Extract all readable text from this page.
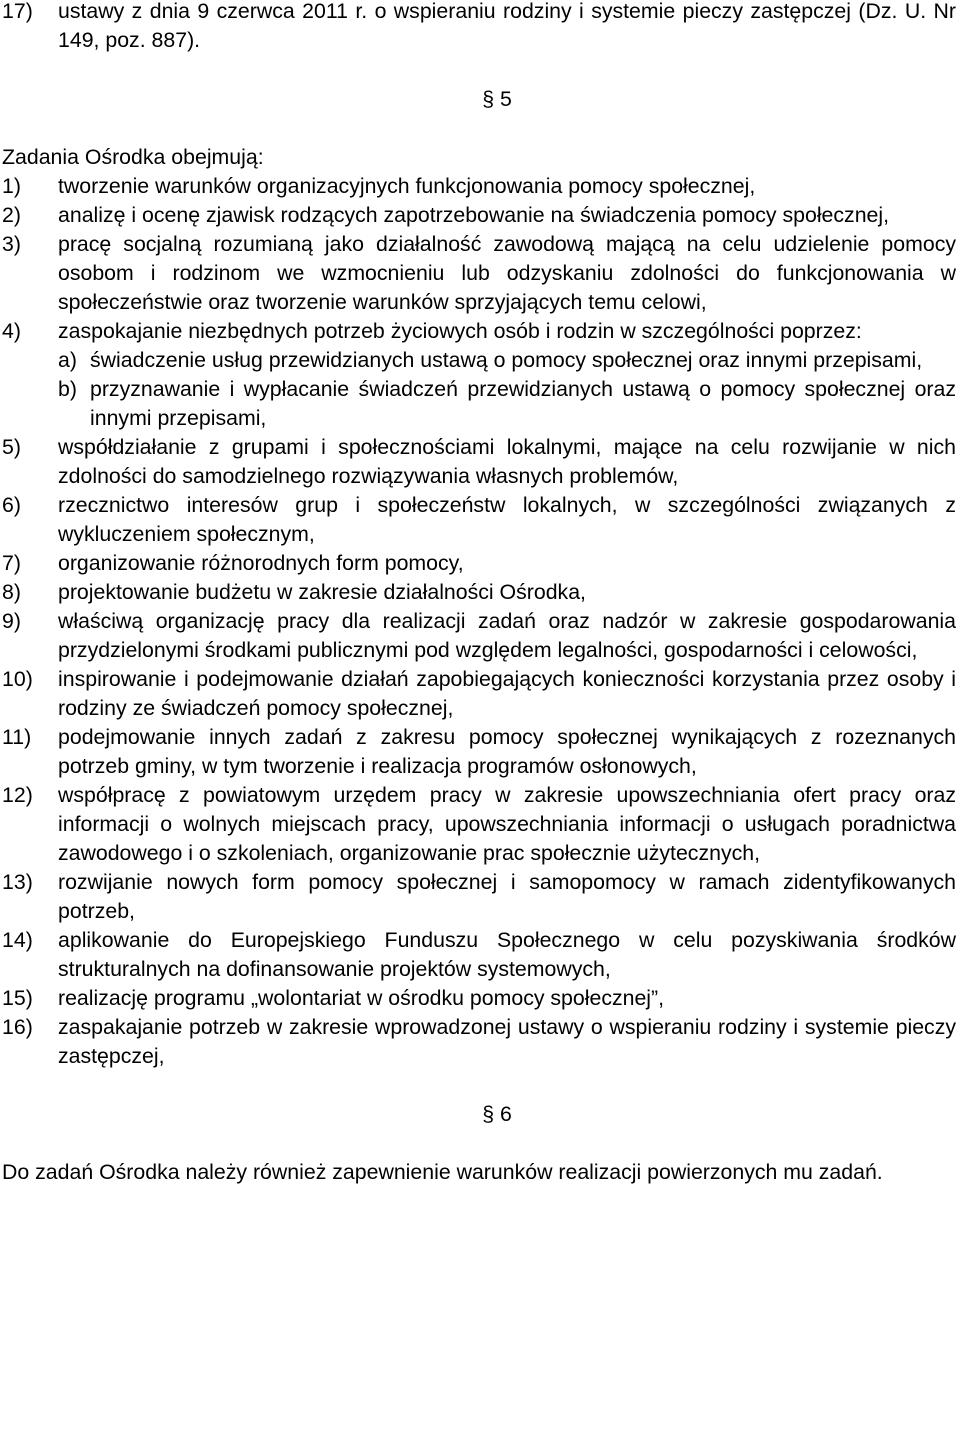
17)	ustawy z dnia 9 czerwca 2011 r. o wspieraniu rodziny i systemie pieczy zastępczej (Dz. U. Nr 149, poz. 887).
§ 5
Zadania Ośrodka obejmują:
1)	tworzenie warunków organizacyjnych funkcjonowania pomocy społecznej,
2)	analizę i ocenę zjawisk rodzących zapotrzebowanie na świadczenia pomocy społecznej,
3)	pracę socjalną rozumianą jako działalność zawodową mającą na celu udzielenie pomocy osobom i rodzinom we wzmocnieniu lub odzyskaniu zdolności do funkcjonowania w społeczeństwie oraz tworzenie warunków sprzyjających temu celowi,
4)	zaspokajanie niezbędnych potrzeb życiowych osób i rodzin w szczególności poprzez:
a) świadczenie usług przewidzianych ustawą o pomocy społecznej oraz innymi przepisami,
b) przyznawanie i wypłacanie świadczeń przewidzianych ustawą o pomocy społecznej oraz innymi przepisami,
5)	współdziałanie z grupami i społecznościami lokalnymi, mające na celu rozwijanie w nich zdolności do samodzielnego rozwiązywania własnych problemów,
6)	rzecznictwo interesów grup i społeczeństw lokalnych, w szczególności związanych z wykluczeniem społecznym,
7)	organizowanie różnorodnych form pomocy,
8)	projektowanie budżetu w zakresie działalności Ośrodka,
9)	właściwą organizację pracy dla realizacji zadań oraz nadzór w zakresie gospodarowania przydzielonymi środkami publicznymi pod względem legalności, gospodarności i celowości,
10)	inspirowanie i podejmowanie działań zapobiegających konieczności korzystania przez osoby i rodziny ze świadczeń pomocy społecznej,
11)	podejmowanie innych zadań z zakresu pomocy społecznej wynikających z rozeznanych potrzeb gminy, w tym tworzenie i realizacja programów osłonowych,
12)	współpracę z powiatowym urzędem pracy w zakresie upowszechniania ofert pracy oraz informacji o wolnych miejscach pracy, upowszechniania informacji o usługach poradnictwa zawodowego i o szkoleniach, organizowanie prac społecznie użytecznych,
13)	rozwijanie nowych form pomocy społecznej i samopomocy w ramach zidentyfikowanych potrzeb,
14)	aplikowanie do Europejskiego Funduszu Społecznego w celu pozyskiwania środków strukturalnych na dofinansowanie projektów systemowych,
15)	realizację programu „wolontariat w ośrodku pomocy społecznej”,
16)	zaspakajanie potrzeb w zakresie wprowadzonej ustawy o wspieraniu rodziny i systemie pieczy zastępczej,
§ 6
Do zadań Ośrodka należy również zapewnienie warunków realizacji powierzonych mu zadań.
